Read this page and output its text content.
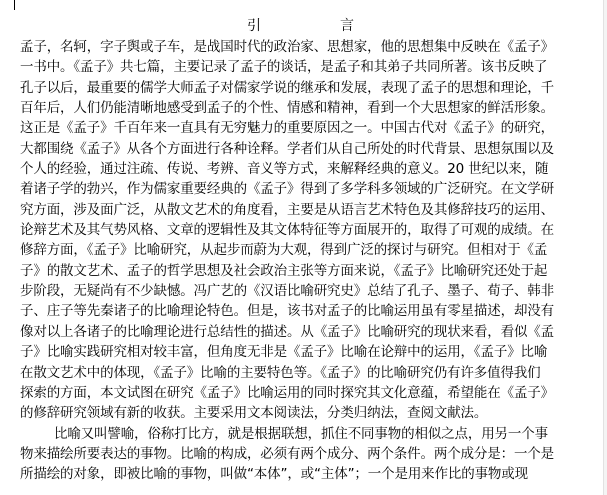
引	言
孟子，名轲，字子舆或子车，是战国时代的政治家、思想家，他的思想集中反映在《孟子》
一书中。《孟子》共七篇，主要记录了孟子的谈话，是孟子和其弟子共同所著。该书反映了
孔子以后，最重要的儒学大师孟子对儒家学说的继承和发展，表现了孟子的思想和理论，千
百年后，人们仍能清晰地感受到孟子的个性、情感和精神，看到一个大思想家的鲜活形象。
这正是《孟子》千百年来一直具有无穷魅力的重要原因之一。中国古代对《孟子》的研究，
大都围绕《孟子》从各个方面进行各种诠释。学者们从自己所处的时代背景、思想氛围以及
个人的经验，通过注疏、传说、考辨、音义等方式，来解释经典的意义。20 世纪以来，随
着诸子学的勃兴，作为儒家重要经典的《孟子》得到了多学科多领域的广泛研究。在文学研
究方面，涉及面广泛，从散文艺术的角度看，主要是从语言艺术特色及其修辞技巧的运用、
论辩艺术及其气势风格、文章的逻辑性及其文体特征等方面展开的，取得了可观的成绩。在
修辞方面，《孟子》比喻研究，从起步而蔚为大观，得到广泛的探讨与研究。但相对于《孟
子》的散文艺术、孟子的哲学思想及社会政治主张等方面来说，《孟子》比喻研究还处于起
步阶段，无疑尚有不少缺憾。冯广艺的《汉语比喻研究史》总结了孔子、墨子、荀子、韩非
子、庄子等先秦诸子的比喻理论特色。但是，该书对孟子的比喻运用虽有零星描述，却没有
像对以上各诸子的比喻理论进行总结性的描述。从《孟子》比喻研究的现状来看，看似《孟
子》比喻实践研究相对较丰富，但角度无非是《孟子》比喻在论辩中的运用，《孟子》比喻
在散文艺术中的体现，《孟子》比喻的主要特色等。《孟子》的比喻研究仍有许多值得我们
探索的方面，本文试图在研究《孟子》比喻运用的同时探究其文化意蕴，希望能在《孟子》
的修辞研究领域有新的收获。主要采用文本阅读法，分类归纳法，查阅文献法。
比喻又叫譬喻，俗称打比方，就是根据联想，抓住不同事物的相似之点，用另一个事
物来描绘所要表达的事物。比喻的构成，必须有两个成分、两个条件。两个成分是：一个是
所描绘的对象，即被比喻的事物，叫做“本体”，或“主体”；一个是用来作比的事物或现
